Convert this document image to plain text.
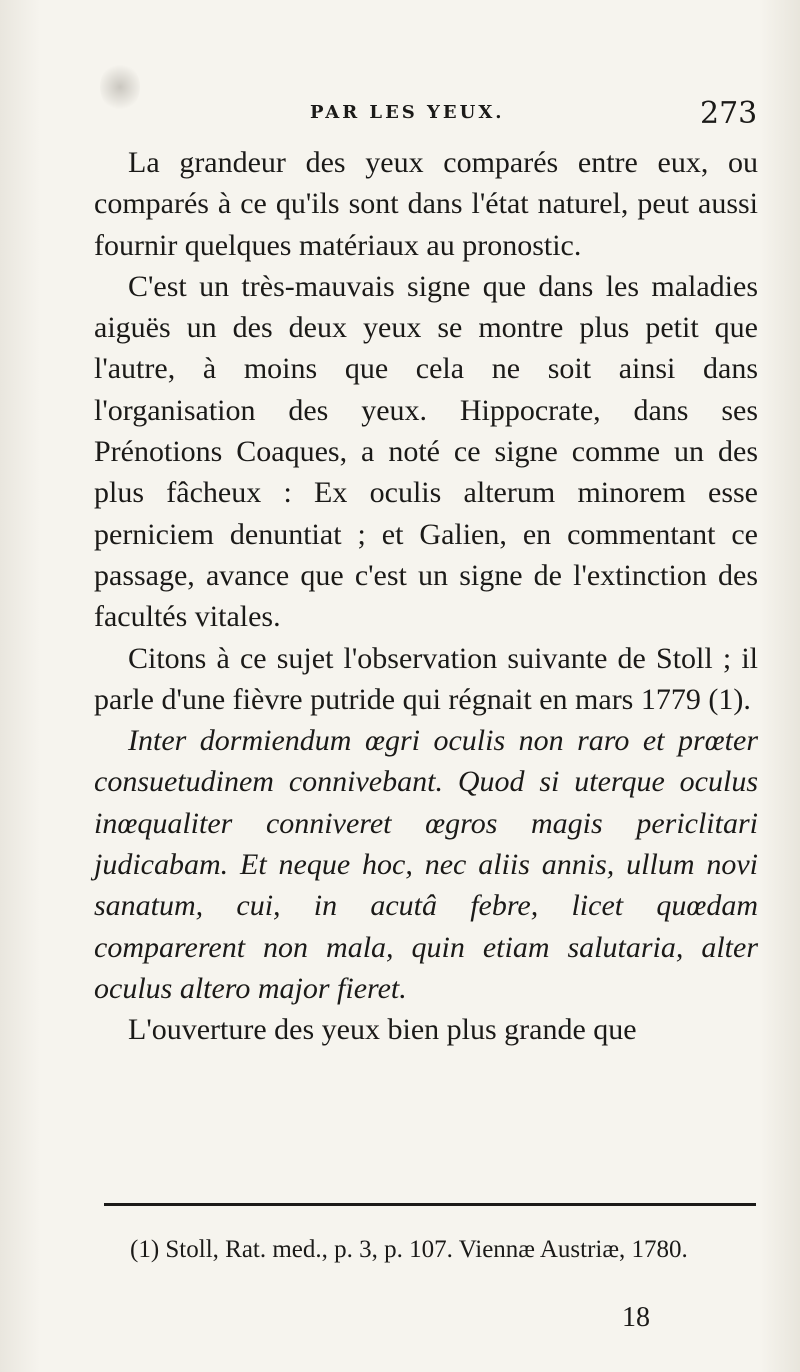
PAR LES YEUX.	273

La grandeur des yeux comparés entre eux, ou comparés à ce qu'ils sont dans l'état naturel, peut aussi fournir quelques matériaux au pronostic.

C'est un très-mauvais signe que dans les maladies aiguës un des deux yeux se montre plus petit que l'autre, à moins que cela ne soit ainsi dans l'organisation des yeux. Hippocrate, dans ses Prénotions Coaques, a noté ce signe comme un des plus fâcheux : Ex oculis alterum minorem esse perniciem denuntiat ; et Galien, en commentant ce passage, avance que c'est un signe de l'extinction des facultés vitales.

Citons à ce sujet l'observation suivante de Stoll ; il parle d'une fièvre putride qui régnait en mars 1779 (1).

Inter dormiendum œgri oculis non raro et prœter consuetudinem connivebant. Quod si uterque oculus inœqualiter conniveret œgros magis periclitari judicabam. Et neque hoc, nec aliis annis, ullum novi sanatum, cui, in acutâ febre, licet quœdam comparerent non mala, quin etiam salutaria, alter oculus altero major fieret.

L'ouverture des yeux bien plus grande que

(1) Stoll, Rat. med., p. 3, p. 107. Viennæ Austriæ, 1780.
18
